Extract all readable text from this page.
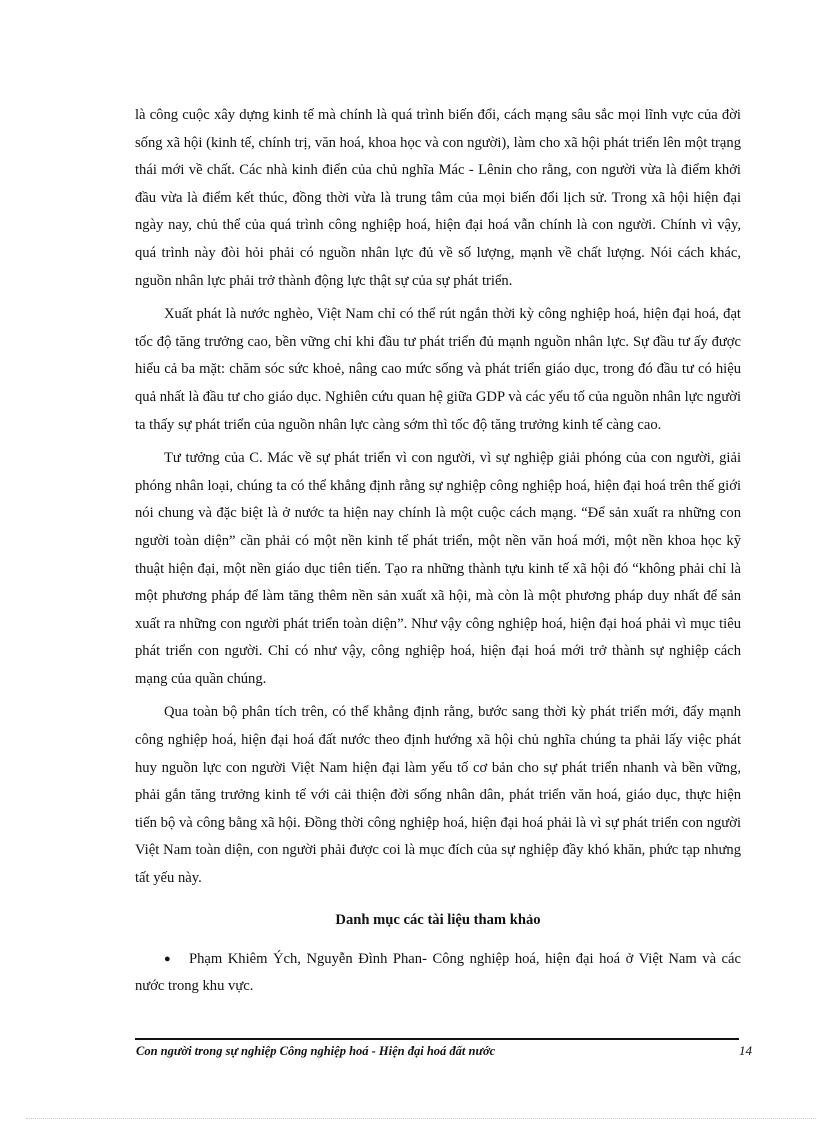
là công cuộc xây dựng kinh tế mà chính là quá trình biến đổi, cách mạng sâu sắc mọi lĩnh vực của đời sống xã hội (kinh tế, chính trị, văn hoá, khoa học và con người), làm cho xã hội phát triển lên một trạng thái mới về chất. Các nhà kinh điển của chủ nghĩa Mác - Lênin cho rằng, con người vừa là điểm khởi đầu vừa là điểm kết thúc, đồng thời vừa là trung tâm của mọi biến đổi lịch sử. Trong xã hội hiện đại ngày nay, chủ thể của quá trình công nghiệp hoá, hiện đại hoá vẫn chính là con người. Chính vì vậy, quá trình này đòi hỏi phải có nguồn nhân lực đủ về số lượng, mạnh về chất lượng. Nói cách khác, nguồn nhân lực phải trở thành động lực thật sự của sự phát triển.

Xuất phát là nước nghèo, Việt Nam chỉ có thể rút ngắn thời kỳ công nghiệp hoá, hiện đại hoá, đạt tốc độ tăng trưởng cao, bền vững chỉ khi đầu tư phát triển đủ mạnh nguồn nhân lực. Sự đầu tư ấy được hiểu cả ba mặt: chăm sóc sức khoẻ, nâng cao mức sống và phát triển giáo dục, trong đó đầu tư có hiệu quả nhất là đầu tư cho giáo dục. Nghiên cứu quan hệ giữa GDP và các yếu tố của nguồn nhân lực người ta thấy sự phát triển của nguồn nhân lực càng sớm thì tốc độ tăng trưởng kinh tế càng cao.

Tư tưởng của C. Mác về sự phát triển vì con người, vì sự nghiệp giải phóng của con người, giải phóng nhân loại, chúng ta có thể khẳng định rằng sự nghiệp công nghiệp hoá, hiện đại hoá trên thế giới nói chung và đặc biệt là ở nước ta hiện nay chính là một cuộc cách mạng. “Để sản xuất ra những con người toàn diện” cần phải có một nền kinh tế phát triển, một nền văn hoá mới, một nền khoa học kỹ thuật hiện đại, một nền giáo dục tiên tiến. Tạo ra những thành tựu kinh tế xã hội đó “không phải chỉ là một phương pháp để làm tăng thêm nền sản xuất xã hội, mà còn là một phương pháp duy nhất để sản xuất ra những con người phát triển toàn diện”. Như vậy công nghiệp hoá, hiện đại hoá phải vì mục tiêu phát triển con người. Chỉ có như vậy, công nghiệp hoá, hiện đại hoá mới trở thành sự nghiệp cách mạng của quần chúng.

Qua toàn bộ phân tích trên, có thể khẳng định rằng, bước sang thời kỳ phát triển mới, đẩy mạnh công nghiệp hoá, hiện đại hoá đất nước theo định hướng xã hội chủ nghĩa chúng ta phải lấy việc phát huy nguồn lực con người Việt Nam hiện đại làm yếu tố cơ bản cho sự phát triển nhanh và bền vững, phải gắn tăng trưởng kinh tế với cải thiện đời sống nhân dân, phát triển văn hoá, giáo dục, thực hiện tiến bộ và công bằng xã hội. Đồng thời công nghiệp hoá, hiện đại hoá phải là vì sự phát triển con người Việt Nam toàn diện, con người phải được coi là mục đích của sự nghiệp đầy khó khăn, phức tạp nhưng tất yếu này.

Danh mục các tài liệu tham khảo
● Phạm Khiêm Ých, Nguyễn Đình Phan- Công nghiệp hoá, hiện đại hoá ở Việt Nam và các nước trong khu vực.
Con người trong sự nghiệp Công nghiệp hoá - Hiện đại hoá đất nước	14
